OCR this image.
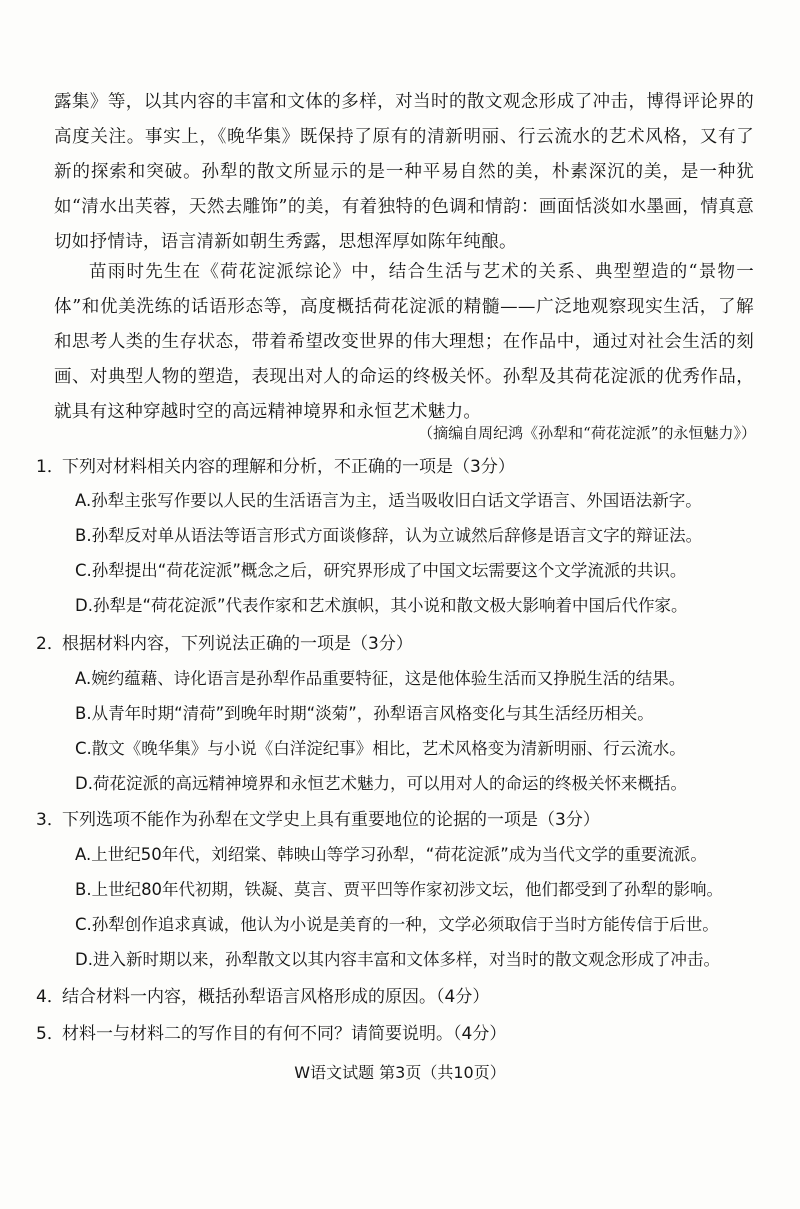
露集》等，以其内容的丰富和文体的多样，对当时的散文观念形成了冲击，博得评论界的高度关注。事实上，《晚华集》既保持了原有的清新明丽、行云流水的艺术风格，又有了新的探索和突破。孙犁的散文所显示的是一种平易自然的美，朴素深沉的美，是一种犹如“清水出芙蓉，天然去雕饰”的美，有着独特的色调和情韵：画面恬淡如水墨画，情真意切如抒情诗，语言清新如朝生秀露，思想浑厚如陈年纯酿。

苗雨时先生在《荷花淀派综论》中，结合生活与艺术的关系、典型塑造的“景物一体”和优美洗练的话语形态等，高度概括荷花淀派的精髓——广泛地观察现实生活，了解和思考人类的生存状态，带着希望改变世界的伟大理想；在作品中，通过对社会生活的刻画、对典型人物的塑造，表现出对人的命运的终极关怀。孙犁及其荷花淀派的优秀作品，就具有这种穿越时空的高远精神境界和永恒艺术魅力。

（摘编自周纪鸿《孙犁和“荷花淀派”的永恒魅力》）

1．下列对材料相关内容的理解和分析，不正确的一项是（3分）

A.孙犁主张写作要以人民的生活语言为主，适当吸收旧白话文学语言、外国语法新字。

B.孙犁反对单从语法等语言形式方面谈修辞，认为立诚然后辞修是语言文字的辩证法。

C.孙犁提出“荷花淀派”概念之后，研究界形成了中国文坛需要这个文学流派的共识。

D.孙犁是“荷花淀派”代表作家和艺术旗帜，其小说和散文极大影响着中国后代作家。

2．根据材料内容，下列说法正确的一项是（3分）

A.婉约蕴藉、诗化语言是孙犁作品重要特征，这是他体验生活而又挣脱生活的结果。

B.从青年时期“清荷”到晚年时期“淡菊”，孙犁语言风格变化与其生活经历相关。

C.散文《晚华集》与小说《白洋淀纪事》相比，艺术风格变为清新明丽、行云流水。

D.荷花淀派的高远精神境界和永恒艺术魅力，可以用对人的命运的终极关怀来概括。

3．下列选项不能作为孙犁在文学史上具有重要地位的论据的一项是（3分）

A.上世纪50年代，刘绍棠、韩映山等学习孙犁，“荷花淀派”成为当代文学的重要流派。

B.上世纪80年代初期，铁凝、莫言、贾平凹等作家初涉文坛，他们都受到了孙犁的影响。

C.孙犁创作追求真诚，他认为小说是美育的一种，文学必须取信于当时方能传信于后世。

D.进入新时期以来，孙犁散文以其内容丰富和文体多样，对当时的散文观念形成了冲击。

4．结合材料一内容，概括孙犁语言风格形成的原因。（4分）

5．材料一与材料二的写作目的有何不同？请简要说明。（4分）

W语文试题 第3页（共10页）
